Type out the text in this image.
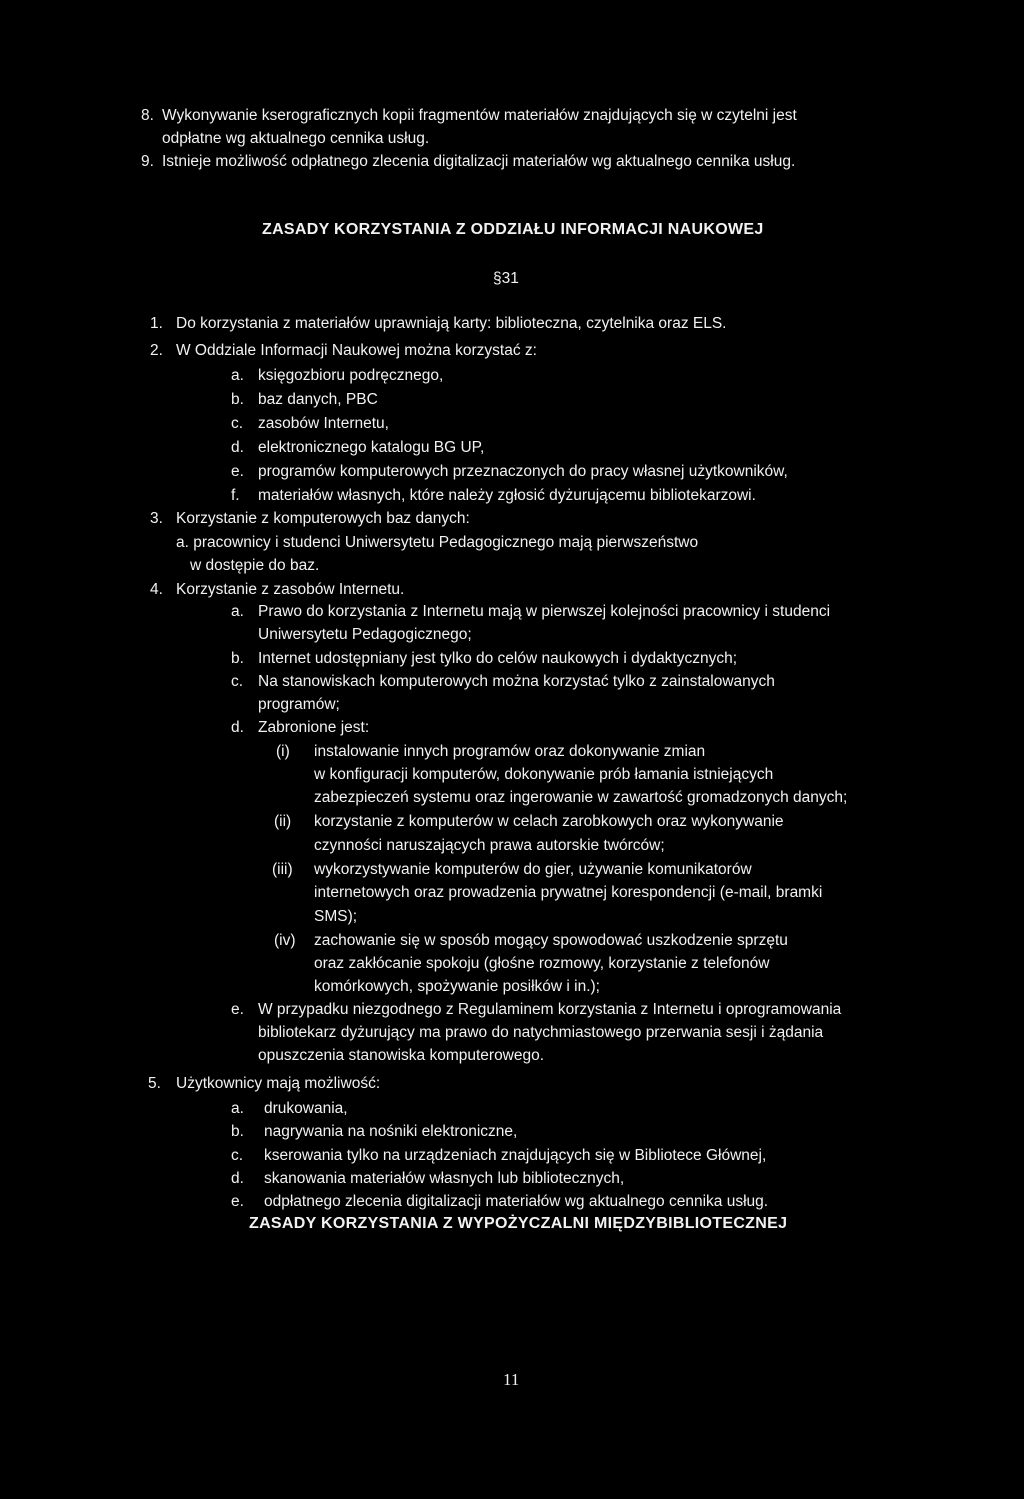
8. Wykonywanie kserograficznych kopii fragmentów materiałów znajdujących się w czytelni jest
odpłatne wg aktualnego cennika usług.
9. Istnieje możliwość odpłatnego zlecenia digitalizacji materiałów wg aktualnego cennika usług.
ZASADY KORZYSTANIA Z ODDZIAŁU INFORMACJI NAUKOWEJ
§31
1. Do korzystania z materiałów uprawniają karty: biblioteczna, czytelnika oraz ELS.
2. W Oddziale Informacji Naukowej można korzystać z:
a. księgozbioru podręcznego,
b. baz danych, PBC
c. zasobów Internetu,
d. elektronicznego katalogu BG UP,
e. programów komputerowych przeznaczonych do pracy własnej użytkowników,
f. materiałów własnych, które należy zgłosić dyżurującemu bibliotekarzowi.
3. Korzystanie z komputerowych baz danych:
a. pracownicy i studenci Uniwersytetu Pedagogicznego mają pierwszeństwo
w dostępie do baz.
4. Korzystanie z zasobów Internetu.
a. Prawo do korzystania z Internetu mają w pierwszej kolejności pracownicy i studenci
Uniwersytetu Pedagogicznego;
b. Internet udostępniany jest tylko do celów naukowych i dydaktycznych;
c. Na stanowiskach komputerowych można korzystać tylko z zainstalowanych
programów;
d. Zabronione jest:
(i) instalowanie innych programów oraz dokonywanie zmian
w konfiguracji komputerów, dokonywanie prób łamania istniejących
zabezpieczeń systemu oraz ingerowanie w zawartość gromadzonych danych;
(ii) korzystanie z komputerów w celach zarobkowych oraz wykonywanie
czynności naruszających prawa autorskie twórców;
(iii) wykorzystywanie komputerów do gier, używanie komunikatorów
internetowych oraz prowadzenia prywatnej korespondencji (e-mail, bramki
SMS);
(iv) zachowanie się w sposób mogący spowodować uszkodzenie sprzętu
oraz zakłócanie spokoju (głośne rozmowy, korzystanie z telefonów
komórkowych, spożywanie posiłków i in.);
e. W przypadku niezgodnego z Regulaminem korzystania z Internetu i oprogramowania
bibliotekarz dyżurujący ma prawo do natychmiastowego przerwania sesji i żądania
opuszczenia stanowiska komputerowego.
5. Użytkownicy mają możliwość:
a. drukowania,
b. nagrywania na nośniki elektroniczne,
c. kserowania tylko na urządzeniach znajdujących się w Bibliotece Głównej,
d. skanowania materiałów własnych lub bibliotecznych,
e. odpłatnego zlecenia digitalizacji materiałów wg aktualnego cennika usług.
ZASADY KORZYSTANIA Z WYPOŻYCZALNI MIĘDZYBIBLIOTECZNEJ
11
